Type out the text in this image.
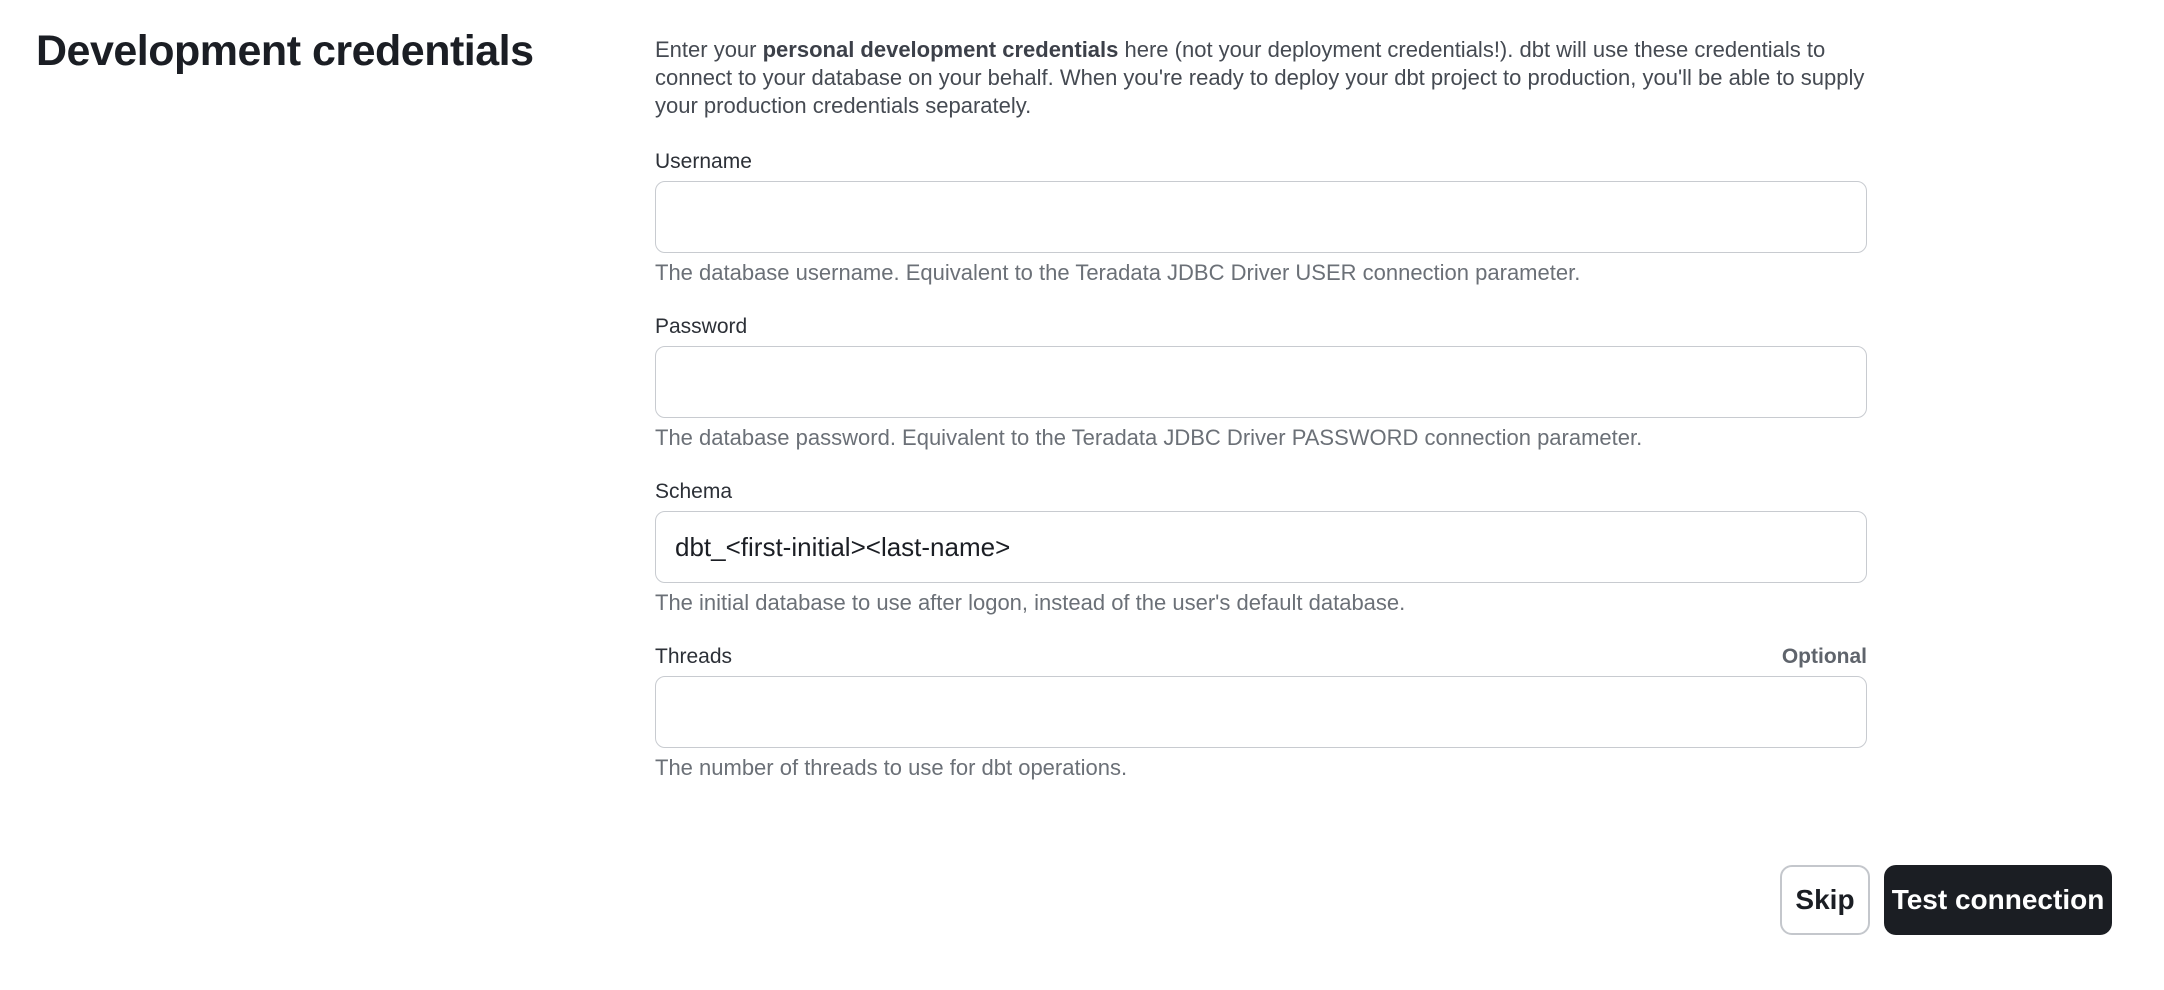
Development credentials	Enter your personal development credentials here (not your deployment credentials!). dbt will use these credentials to connect to your database on your behalf. When you're ready to deploy your dbt project to production, you'll be able to supply your production credentials separately.

Username
The database username. Equivalent to the Teradata JDBC Driver USER connection parameter.
Password
The database password. Equivalent to the Teradata JDBC Driver PASSWORD connection parameter.
Schema
dbt_<first-initial><last-name>
The initial database to use after logon, instead of the user's default database.
Threads	Optional
The number of threads to use for dbt operations.
Skip	Test connection
